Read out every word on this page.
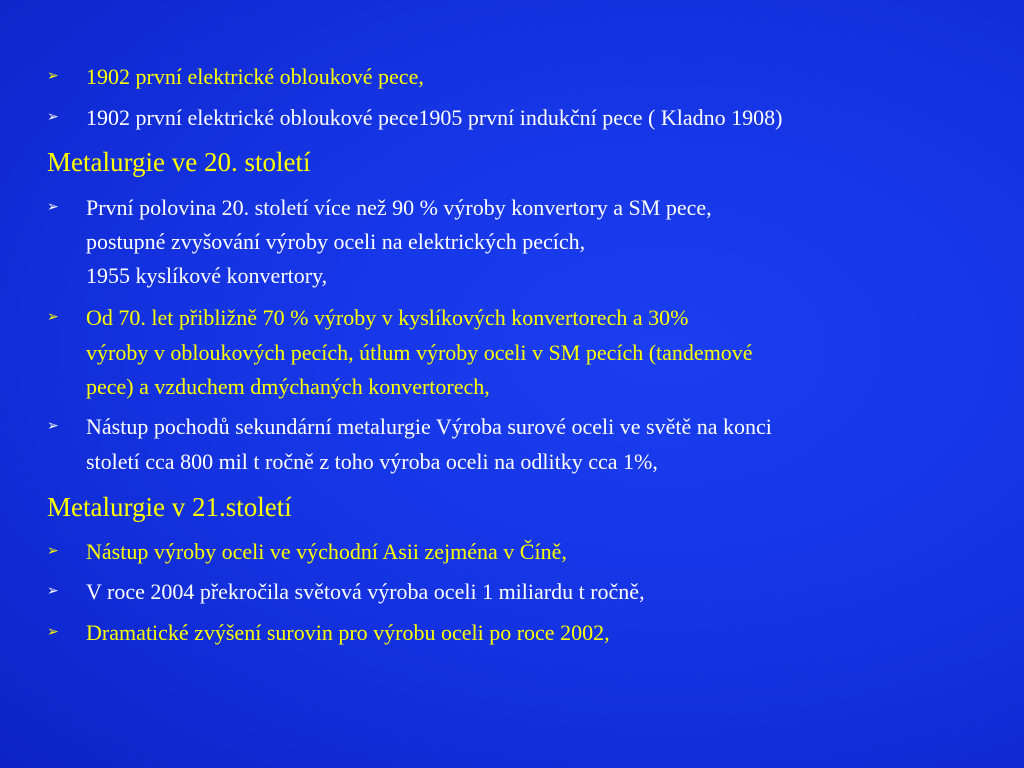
➢	1902 první elektrické obloukové pece,
➢	1902 první elektrické obloukové pece1905 první indukční pece ( Kladno 1908)
Metalurgie ve 20. století
➢	První polovina 20. století více než 90 % výroby konvertory a SM pece,
postupné zvyšování výroby oceli na elektrických pecích,
1955 kyslíkové konvertory,
➢	Od 70. let přibližně 70 % výroby v kyslíkových konvertorech a 30%
výroby v obloukových pecích, útlum výroby oceli v SM pecích (tandemové
pece) a vzduchem dmýchaných konvertorech,
➢	Nástup pochodů sekundární metalurgie Výroba surové oceli ve světě na konci
století cca 800 mil t ročně z toho výroba oceli na odlitky cca 1%,
Metalurgie v 21.století
➢	Nástup výroby oceli ve východní Asii zejména v Číně,
➢	V roce 2004 překročila světová výroba oceli 1 miliardu t ročně,
➢	Dramatické zvýšení surovin pro výrobu oceli po roce 2002,
